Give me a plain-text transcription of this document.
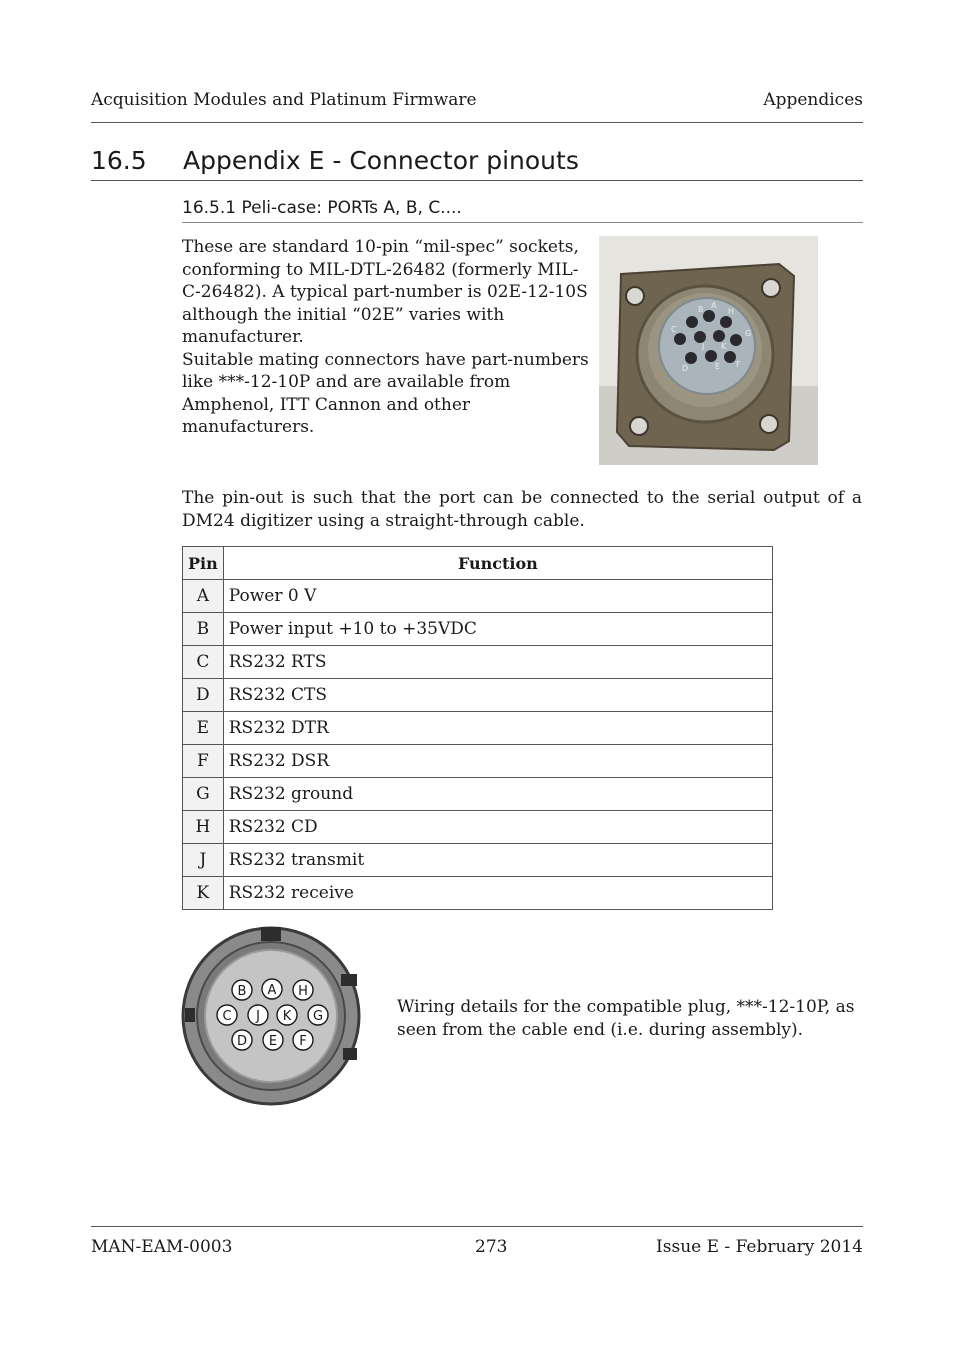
Acquisition Modules and Platinum Firmware	Appendices
16.5 Appendix E - Connector pinouts
16.5.1 Peli-case: PORTs A, B, C....

These are standard 10-pin “mil-spec” sockets, conforming to MIL-DTL-26482 (formerly MIL-C-26482). A typical part-number is 02E-12-10S although the initial “02E” varies with manufacturer.

Suitable mating connectors have part-numbers like ***-12-10P and are available from Amphenol, ITT Cannon and other manufacturers.

B A
H
C
J K
G
D	E F
The pin-out is such that the port can be connected to the serial output of a DM24 digitizer using a straight-through cable.
Pin	Function
A	Power 0 V
B	Power input +10 to +35VDC
C	RS232 RTS
D	RS232 CTS
E	RS232 DTR
F	RS232 DSR
G	RS232 ground
H	RS232 CD
J	RS232 transmit
K	RS232 receive
B A H
C J K G
D E F
Wiring details for the compatible plug, ***-12-10P, as seen from the cable end (i.e. during assembly).
MAN-EAM-0003	273	Issue E - February 2014
